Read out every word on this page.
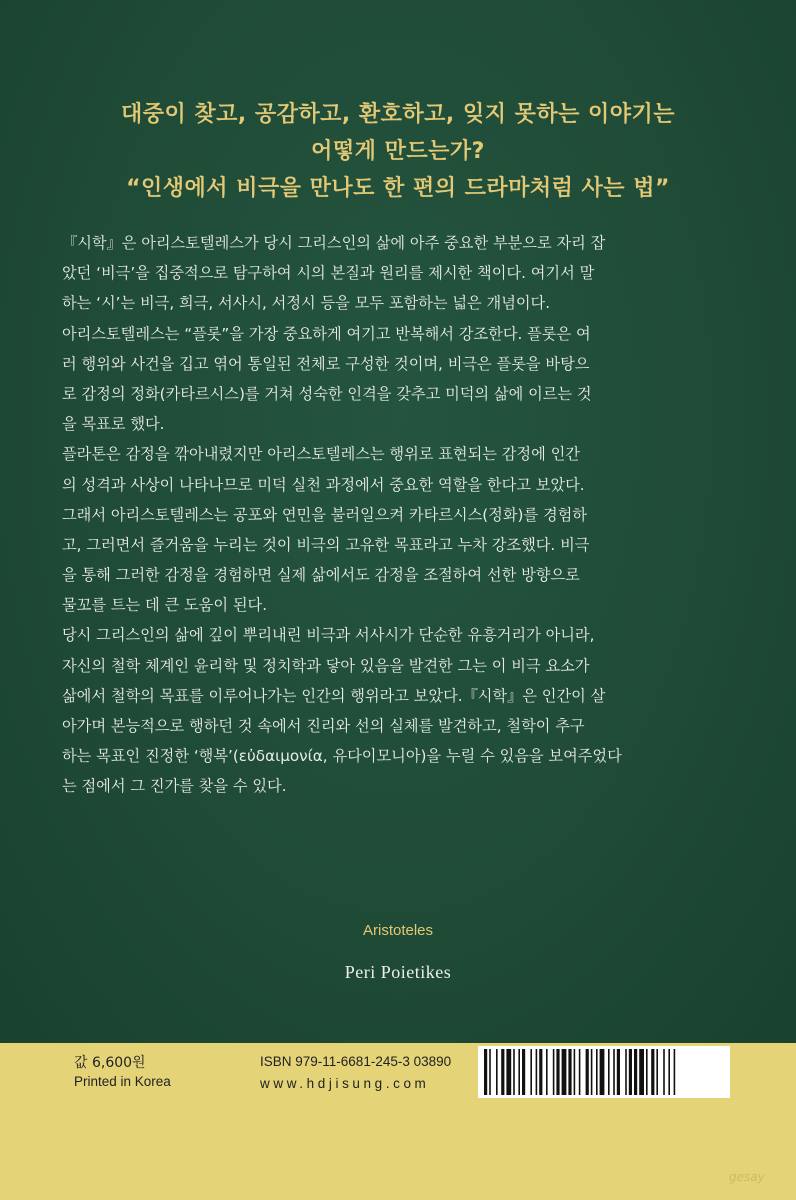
대중이 찾고, 공감하고, 환호하고, 잊지 못하는 이야기는
어떻게 만드는가?
“인생에서 비극을 만나도 한 편의 드라마처럼 사는 법”
『시학』은 아리스토텔레스가 당시 그리스인의 삶에 아주 중요한 부분으로 자리 잡
았던 ‘비극’을 집중적으로 탐구하여 시의 본질과 원리를 제시한 책이다. 여기서 말
하는 ‘시’는 비극, 희극, 서사시, 서정시 등을 모두 포함하는 넓은 개념이다.
아리스토텔레스는 “플롯”을 가장 중요하게 여기고 반복해서 강조한다. 플롯은 여
러 행위와 사건을 깁고 엮어 통일된 전체로 구성한 것이며, 비극은 플롯을 바탕으
로 감정의 정화(카타르시스)를 거쳐 성숙한 인격을 갖추고 미덕의 삶에 이르는 것
을 목표로 했다.
플라톤은 감정을 깎아내렸지만 아리스토텔레스는 행위로 표현되는 감정에 인간
의 성격과 사상이 나타나므로 미덕 실천 과정에서 중요한 역할을 한다고 보았다.
그래서 아리스토텔레스는 공포와 연민을 불러일으켜 카타르시스(정화)를 경험하
고, 그러면서 즐거움을 누리는 것이 비극의 고유한 목표라고 누차 강조했다. 비극
을 통해 그러한 감정을 경험하면 실제 삶에서도 감정을 조절하여 선한 방향으로
물꼬를 트는 데 큰 도움이 된다.
당시 그리스인의 삶에 깊이 뿌리내린 비극과 서사시가 단순한 유흥거리가 아니라,
자신의 철학 체계인 윤리학 및 정치학과 닿아 있음을 발견한 그는 이 비극 요소가
삶에서 철학의 목표를 이루어나가는 인간의 행위라고 보았다.『시학』은 인간이 살
아가며 본능적으로 행하던 것 속에서 진리와 선의 실체를 발견하고, 철학이 추구
하는 목표인 진정한 ‘행복’(εὐδαιμονία, 유다이모니아)을 누릴 수 있음을 보여주었다
는 점에서 그 진가를 찾을 수 있다.
Aristoteles
Peri Poietikes
값 6,600원
Printed in Korea
ISBN 979-11-6681-245-3 03890
www.hdjisung.com
gesay
